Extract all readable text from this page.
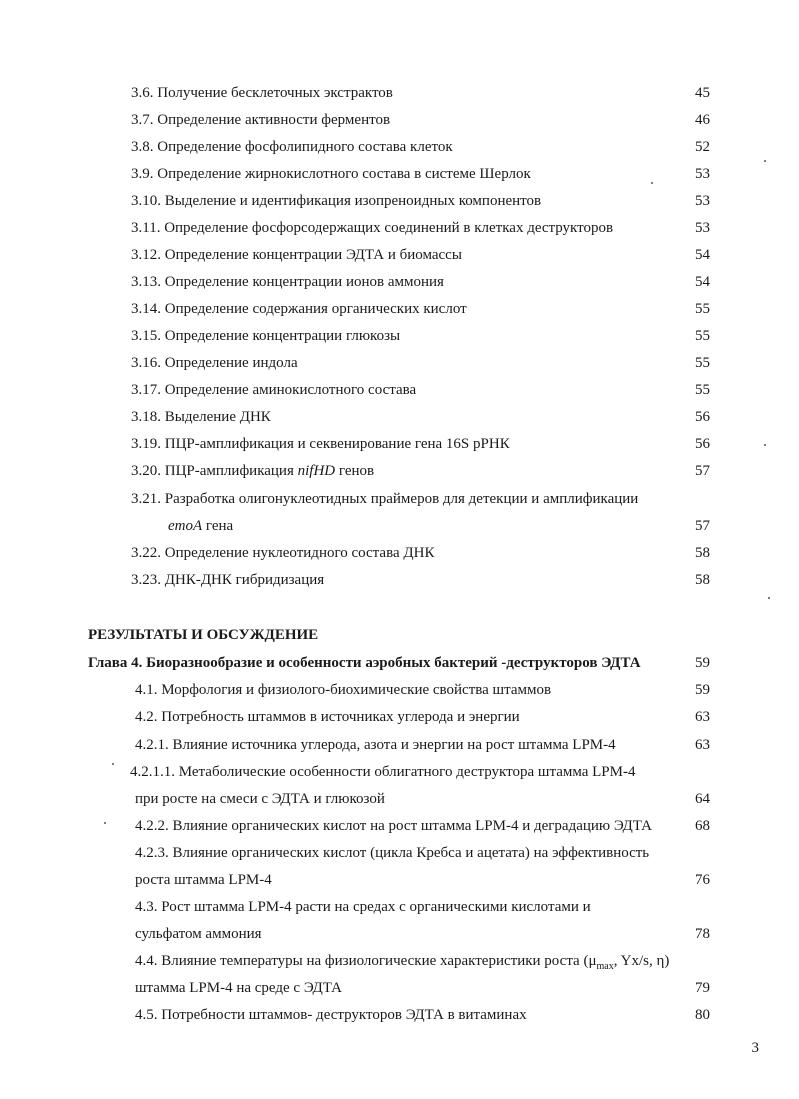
3.6. Получение бесклеточных экстрактов	45
3.7. Определение активности ферментов	46
3.8. Определение фосфолипидного состава клеток	52
3.9. Определение жирнокислотного состава в системе Шерлок	53
3.10. Выделение и идентификация изопреноидных компонентов	53
3.11. Определение фосфорсодержащих соединений в клетках деструкторов	53
3.12. Определение концентрации ЭДТА и биомассы	54
3.13. Определение концентрации ионов аммония	54
3.14. Определение содержания органических кислот	55
3.15. Определение концентрации глюкозы	55
3.16. Определение индола	55
3.17. Определение аминокислотного состава	55
3.18. Выделение ДНК	56
3.19. ПЦР-амплификация и секвенирование гена 16S рРНК	56
3.20. ПЦР-амплификация nifHD генов	57
3.21. Разработка олигонуклеотидных праймеров для детекции и амплификации
emoA гена	57
3.22. Определение нуклеотидного состава ДНК	58
3.23. ДНК-ДНК гибридизация	58
РЕЗУЛЬТАТЫ И ОБСУЖДЕНИЕ
Глава 4. Биоразнообразие и особенности аэробных бактерий -деструкторов ЭДТА	59
4.1. Морфология и физиолого-биохимические свойства штаммов	59
4.2. Потребность штаммов в источниках углерода и энергии	63
4.2.1. Влияние источника углерода, азота и энергии на рост штамма LPM-4	63
4.2.1.1. Метаболические особенности облигатного деструктора штамма LPM-4
при росте на смеси с ЭДТА и глюкозой	64
4.2.2. Влияние органических кислот на рост штамма LPM-4 и деградацию ЭДТА	68
4.2.3. Влияние органических кислот (цикла Кребса и ацетата) на эффективность
роста штамма LPM-4	76
4.3. Рост штамма LPM-4 расти на средах с органическими кислотами и
сульфатом аммония	78
4.4. Влияние температуры на физиологические характеристики роста ($\mu_{max}$, Yx/s, η)
штамма LPM-4 на среде с ЭДТА	79
4.5. Потребности штаммов- деструкторов ЭДТА в витаминах	80
3
